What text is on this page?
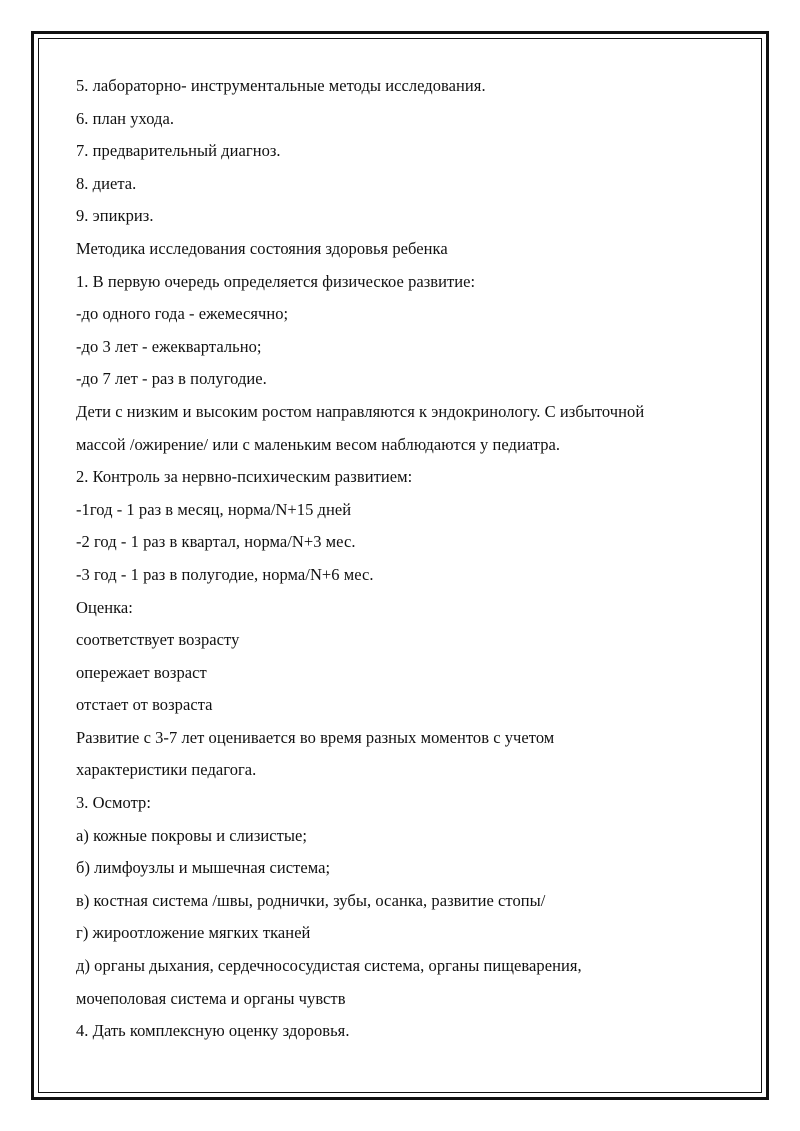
5. лабораторно- инструментальные методы исследования.
6. план ухода.
7. предварительный диагноз.
8. диета.
9. эпикриз.
Методика исследования состояния здоровья ребенка
1. В первую очередь определяется физическое развитие:
-до одного года - ежемесячно;
-до 3 лет - ежеквартально;
-до 7 лет - раз в полугодие.
Дети с низким и высоким ростом направляются к эндокринологу. С избыточной
массой /ожирение/ или с маленьким весом наблюдаются у педиатра.
2. Контроль за нервно-психическим развитием:
-1год - 1 раз в месяц, норма/N+15 дней
-2 год - 1 раз в квартал, норма/N+3 мес.
-3 год - 1 раз в полугодие, норма/N+6 мес.
Оценка:
соответствует возрасту
опережает возраст
отстает от возраста
Развитие с 3-7 лет оценивается во время разных моментов с учетом
характеристики педагога.
3. Осмотр:
а) кожные покровы и слизистые;
б) лимфоузлы и мышечная система;
в) костная система /швы, роднички, зубы, осанка, развитие стопы/
г) жироотложение мягких тканей
д) органы дыхания, сердечнососудистая система, органы пищеварения,
мочеполовая система и органы чувств
4. Дать комплексную оценку здоровья.
